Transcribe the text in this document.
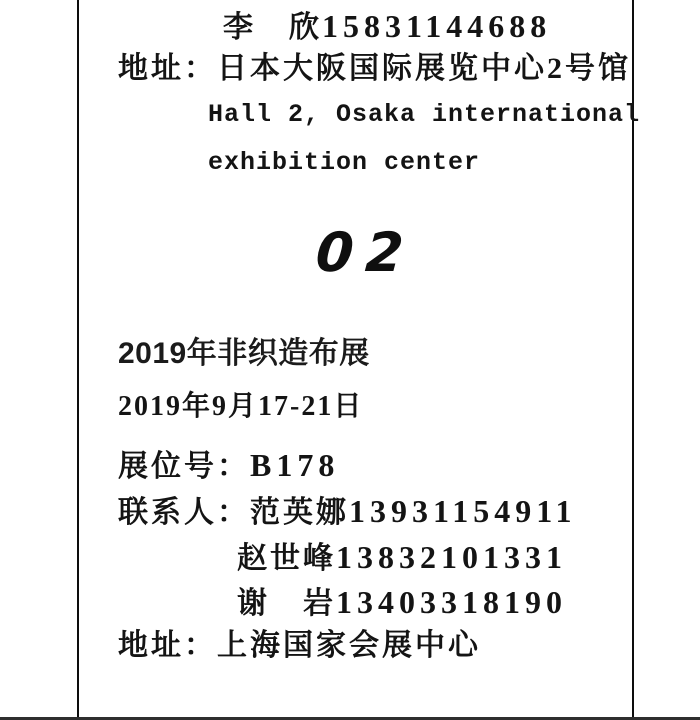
李　欣15831144688
地址：日本大阪国际展览中心2号馆
Hall 2, Osaka international
exhibition center
02
2019年非织造布展
2019年9月17-21日
展位号：B178
联系人：范英娜13931154911
赵世峰13832101331
谢　岩13403318190
地址：上海国家会展中心
